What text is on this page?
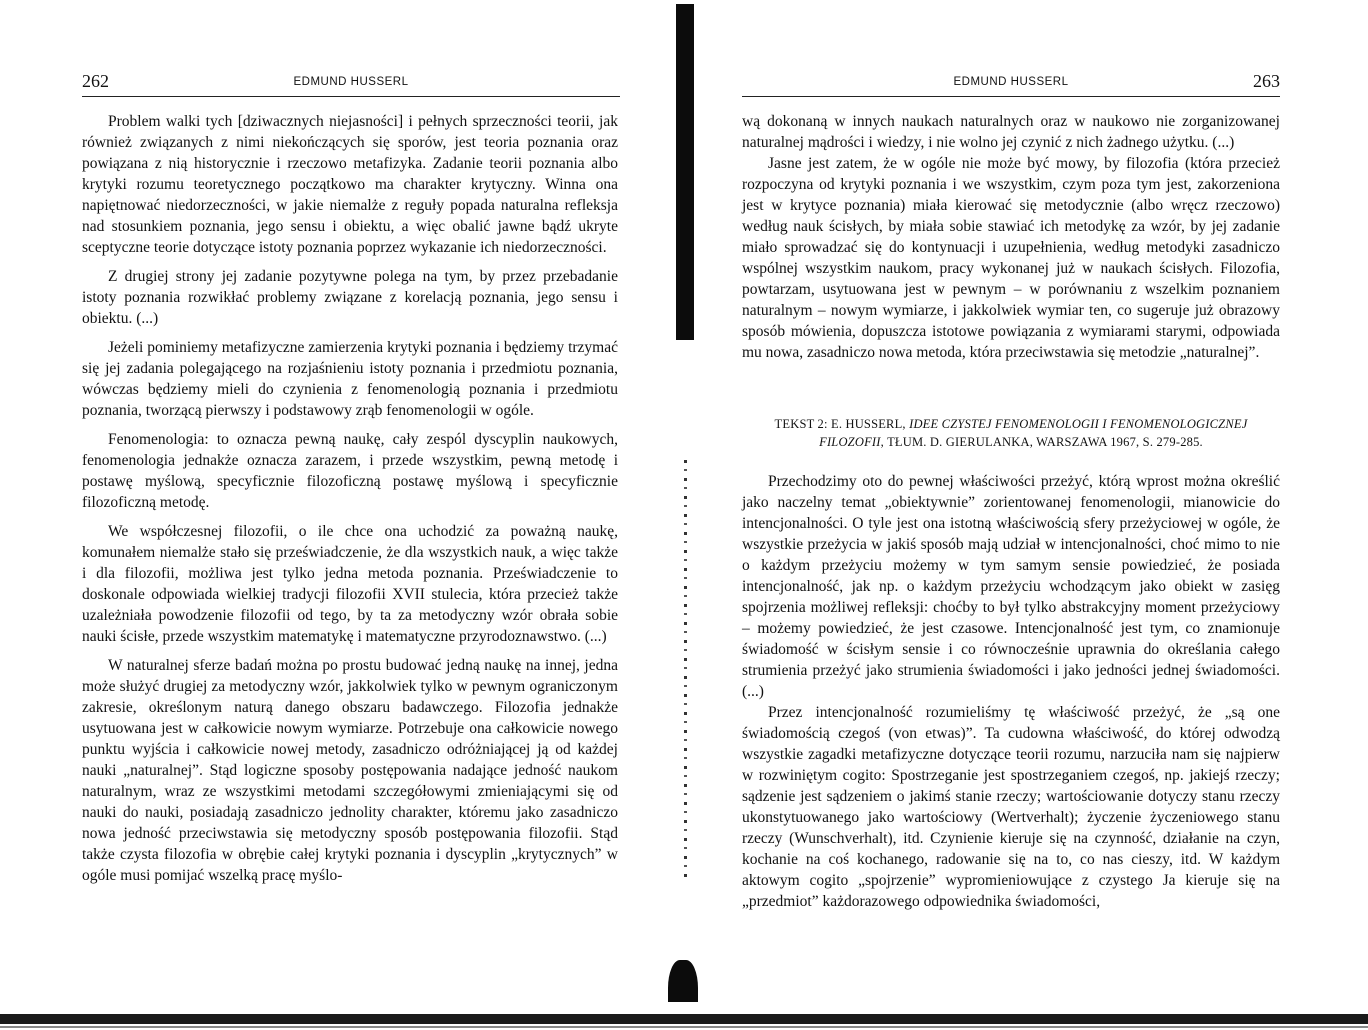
262	EDMUND HUSSERL

Problem walki tych [dziwacznych niejasności] i pełnych sprzeczności teorii, jak również związanych z nimi niekończących się sporów, jest teoria poznania oraz powiązana z nią historycznie i rzeczowo metafizyka. Zadanie teorii poznania albo krytyki rozumu teoretycznego początkowo ma charakter krytyczny. Winna ona napiętnować niedorzeczności, w jakie niemalże z reguły popada naturalna refleksja nad stosunkiem poznania, jego sensu i obiektu, a więc obalić jawne bądź ukryte sceptyczne teorie dotyczące istoty poznania poprzez wykazanie ich niedorzeczności.

Z drugiej strony jej zadanie pozytywne polega na tym, by przez przebadanie istoty poznania rozwikłać problemy związane z korelacją poznania, jego sensu i obiektu. (...)

Jeżeli pominiemy metafizyczne zamierzenia krytyki poznania i będziemy trzymać się jej zadania polegającego na rozjaśnieniu istoty poznania i przedmiotu poznania, wówczas będziemy mieli do czynienia z fenomenologią poznania i przedmiotu poznania, tworzącą pierwszy i podstawowy zrąb fenomenologii w ogóle.

Fenomenologia: to oznacza pewną naukę, cały zespól dyscyplin naukowych, fenomenologia jednakże oznacza zarazem, i przede wszystkim, pewną metodę i postawę myślową, specyficznie filozoficzną postawę myślową i specyficznie filozoficzną metodę.

We współczesnej filozofii, o ile chce ona uchodzić za poważną naukę, komunałem niemalże stało się przeświadczenie, że dla wszystkich nauk, a więc także i dla filozofii, możliwa jest tylko jedna metoda poznania. Przeświadczenie to doskonale odpowiada wielkiej tradycji filozofii XVII stulecia, która przecież także uzależniała powodzenie filozofii od tego, by ta za metodyczny wzór obrała sobie nauki ścisłe, przede wszystkim matematykę i matematyczne przyrodoznawstwo. (...)

W naturalnej sferze badań można po prostu budować jedną naukę na innej, jedna może służyć drugiej za metodyczny wzór, jakkolwiek tylko w pewnym ograniczonym zakresie, określonym naturą danego obszaru badawczego. Filozofia jednakże usytuowana jest w całkowicie nowym wymiarze. Potrzebuje ona całkowicie nowego punktu wyjścia i całkowicie nowej metody, zasadniczo odróżniającej ją od każdej nauki „naturalnej”. Stąd logiczne sposoby postępowania nadające jedność naukom naturalnym, wraz ze wszystkimi metodami szczegółowymi zmieniającymi się od nauki do nauki, posiadają zasadniczo jednolity charakter, któremu jako zasadniczo nowa jedność przeciwstawia się metodyczny sposób postępowania filozofii. Stąd także czysta filozofia w obrębie całej krytyki poznania i dyscyplin „krytycznych” w ogóle musi pomijać wszelką pracę myślo-

EDMUND HUSSERL	263

wą dokonaną w innych naukach naturalnych oraz w naukowo nie zorganizowanej naturalnej mądrości i wiedzy, i nie wolno jej czynić z nich żadnego użytku. (...)

Jasne jest zatem, że w ogóle nie może być mowy, by filozofia (która przecież rozpoczyna od krytyki poznania i we wszystkim, czym poza tym jest, zakorzeniona jest w krytyce poznania) miała kierować się metodycznie (albo wręcz rzeczowo) według nauk ścisłych, by miała sobie stawiać ich metodykę za wzór, by jej zadanie miało sprowadzać się do kontynuacji i uzupełnienia, według metodyki zasadniczo wspólnej wszystkim naukom, pracy wykonanej już w naukach ścisłych. Filozofia, powtarzam, usytuowana jest w pewnym – w porównaniu z wszelkim poznaniem naturalnym – nowym wymiarze, i jakkolwiek wymiar ten, co sugeruje już obrazowy sposób mówienia, dopuszcza istotowe powiązania z wymiarami starymi, odpowiada mu nowa, zasadniczo nowa metoda, która przeciwstawia się metodzie „naturalnej”.

TEKST 2: E. HUSSERL, IDEE CZYSTEJ FENOMENOLOGII I FENOMENOLOGICZNEJ FILOZOFII, TŁUM. D. GIERULANKA, WARSZAWA 1967, S. 279-285.

Przechodzimy oto do pewnej właściwości przeżyć, którą wprost można określić jako naczelny temat „obiektywnie” zorientowanej fenomenologii, mianowicie do intencjonalności. O tyle jest ona istotną właściwością sfery przeżyciowej w ogóle, że wszystkie przeżycia w jakiś sposób mają udział w intencjonalności, choć mimo to nie o każdym przeżyciu możemy w tym samym sensie powiedzieć, że posiada intencjonalność, jak np. o każdym przeżyciu wchodzącym jako obiekt w zasięg spojrzenia możliwej refleksji: choćby to był tylko abstrakcyjny moment przeżyciowy – możemy powiedzieć, że jest czasowe. Intencjonalność jest tym, co znamionuje świadomość w ścisłym sensie i co równocześnie uprawnia do określania całego strumienia przeżyć jako strumienia świadomości i jako jedności jednej świadomości. (...)

Przez intencjonalność rozumieliśmy tę właściwość przeżyć, że „są one świadomością czegoś (von etwas)”. Ta cudowna właściwość, do której odwodzą wszystkie zagadki metafizyczne dotyczące teorii rozumu, narzuciła nam się najpierw w rozwiniętym cogito: Spostrzeganie jest spostrzeganiem czegoś, np. jakiejś rzeczy; sądzenie jest sądzeniem o jakimś stanie rzeczy; wartościowanie dotyczy stanu rzeczy ukonstytuowanego jako wartościowy (Wertverhalt); życzenie życzeniowego stanu rzeczy (Wunschverhalt), itd. Czynienie kieruje się na czynność, działanie na czyn, kochanie na coś kochanego, radowanie się na to, co nas cieszy, itd. W każdym aktowym cogito „spojrzenie” wypromieniowujące z czystego Ja kieruje się na „przedmiot” każdorazowego odpowiednika świadomości,
